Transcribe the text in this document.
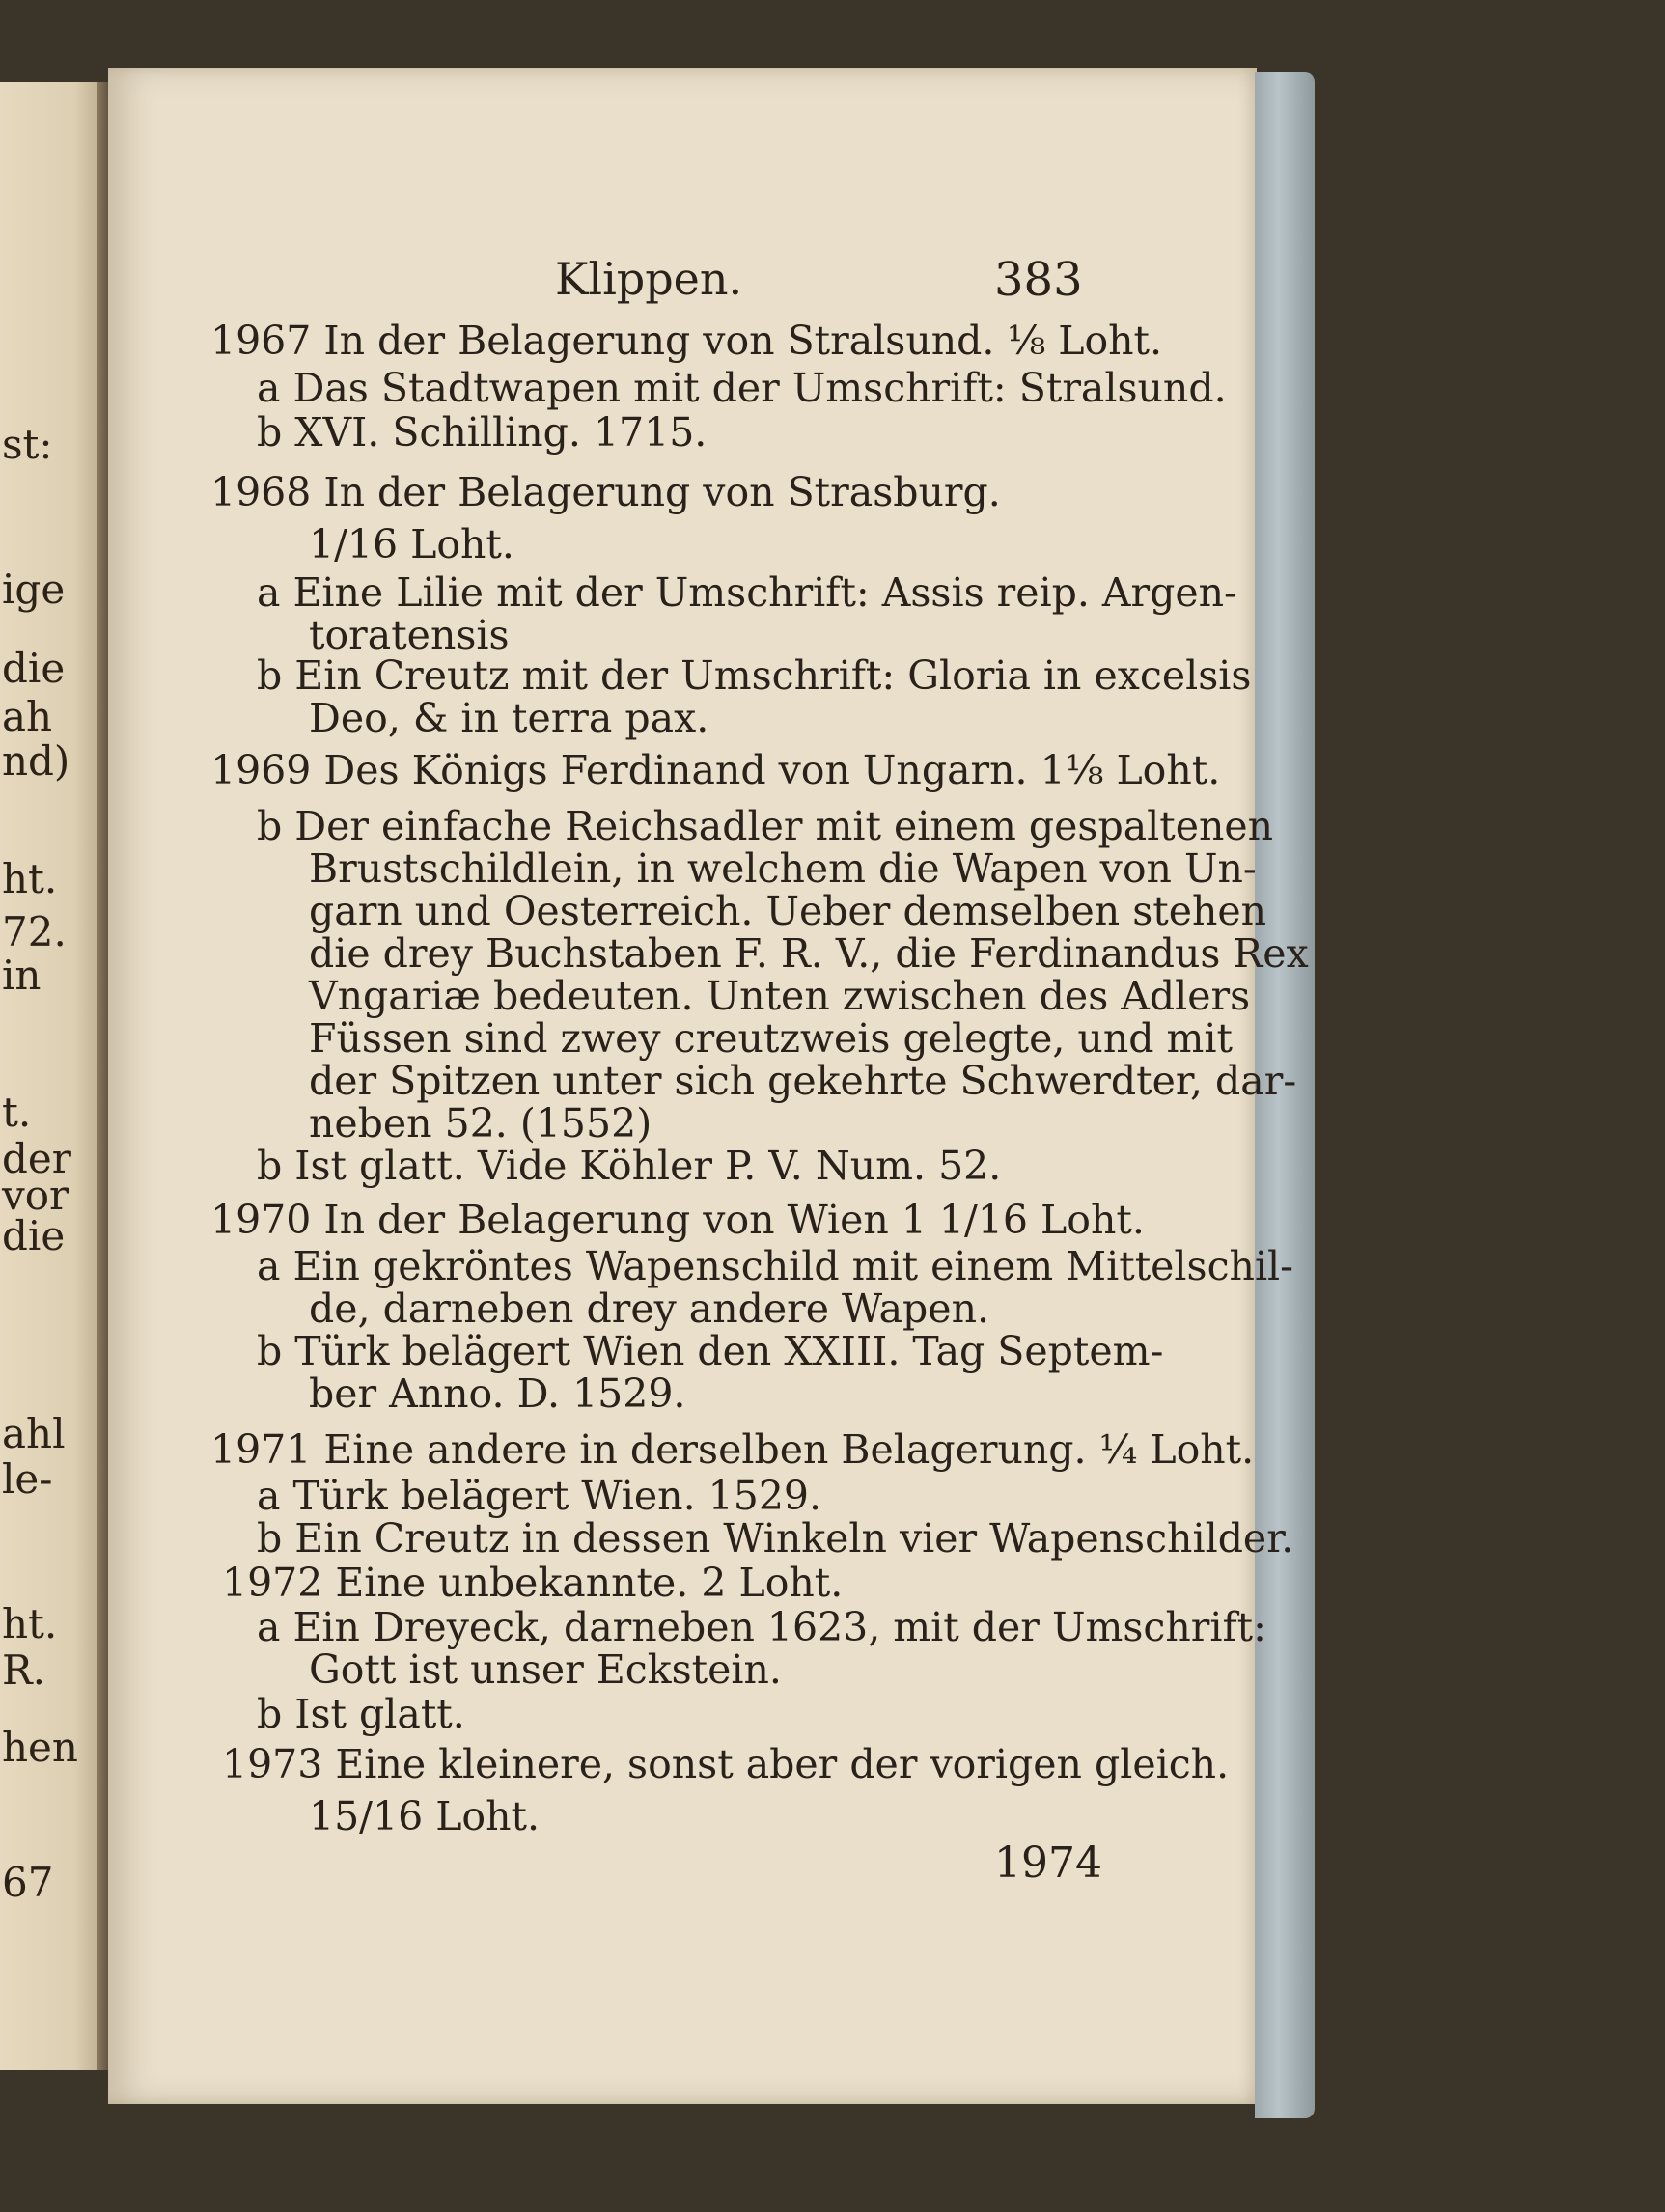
st:
ige
die
ah
nd)
ht.
72.
in
t.
der
vor
die
ahl
le-
ht.
R.
hen
67
Klippen.	383
1967 In der Belagerung von Stralsund. ⅛ Loht.
a Das Stadtwapen mit der Umschrift: Stralsund.
b XVI. Schilling. 1715.
1968 In der Belagerung von Strasburg.
1/16 Loht.
a Eine Lilie mit der Umschrift: Assis reip. Argen-
toratensis
b Ein Creutz mit der Umschrift: Gloria in excelsis
Deo, & in terra pax.
1969 Des Königs Ferdinand von Ungarn. 1⅛ Loht.
b Der einfache Reichsadler mit einem gespaltenen
Brustschildlein, in welchem die Wapen von Un-
garn und Oesterreich. Ueber demselben stehen
die drey Buchstaben F. R. V., die Ferdinandus Rex
Vngariæ bedeuten. Unten zwischen des Adlers
Füssen sind zwey creutzweis gelegte, und mit
der Spitzen unter sich gekehrte Schwerdter, dar-
neben 52. (1552)
b Ist glatt. Vide Köhler P. V. Num. 52.
1970 In der Belagerung von Wien 1 1/16 Loht.
a Ein gekröntes Wapenschild mit einem Mittelschil-
de, darneben drey andere Wapen.
b Türk belägert Wien den XXIII. Tag Septem-
ber Anno. D. 1529.
1971 Eine andere in derselben Belagerung. ¼ Loht.
a Türk belägert Wien. 1529.
b Ein Creutz in dessen Winkeln vier Wapenschilder.
1972 Eine unbekannte. 2 Loht.
a Ein Dreyeck, darneben 1623, mit der Umschrift:
Gott ist unser Eckstein.
b Ist glatt.
1973 Eine kleinere, sonst aber der vorigen gleich.
15/16 Loht.
1974
